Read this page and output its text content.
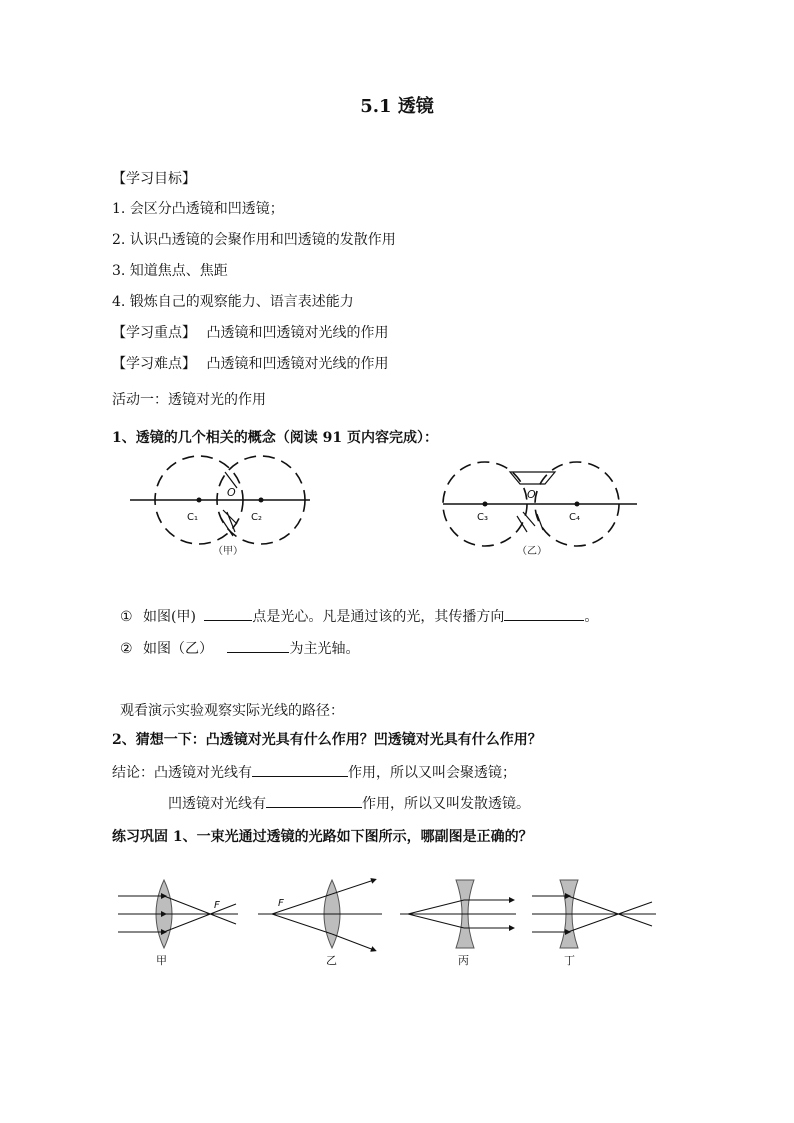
5.1 透镜
【学习目标】
1. 会区分凸透镜和凹透镜；
2. 认识凸透镜的会聚作用和凹透镜的发散作用
3. 知道焦点、焦距
4. 锻炼自己的观察能力、语言表述能力
【学习重点】 凸透镜和凹透镜对光线的作用
【学习难点】 凸透镜和凹透镜对光线的作用
活动一：透镜对光的作用
1、透镜的几个相关的概念（阅读 91 页内容完成）：
C₁	C₂
O
（甲）
C₃	C₄
O
（乙）
① 如图(甲)	点是光心。凡是通过该的光，其传播方向	。
② 如图（乙）	为主光轴。
观看演示实验观察实际光线的路径：
2、猜想一下：凸透镜对光具有什么作用？凹透镜对光具有什么作用？
结论：凸透镜对光线有	作用，所以又叫会聚透镜；
凹透镜对光线有	作用，所以又叫发散透镜。
练习巩固 1、一束光通过透镜的光路如下图所示，哪副图是正确的？
F
甲
F
乙	丙	丁
